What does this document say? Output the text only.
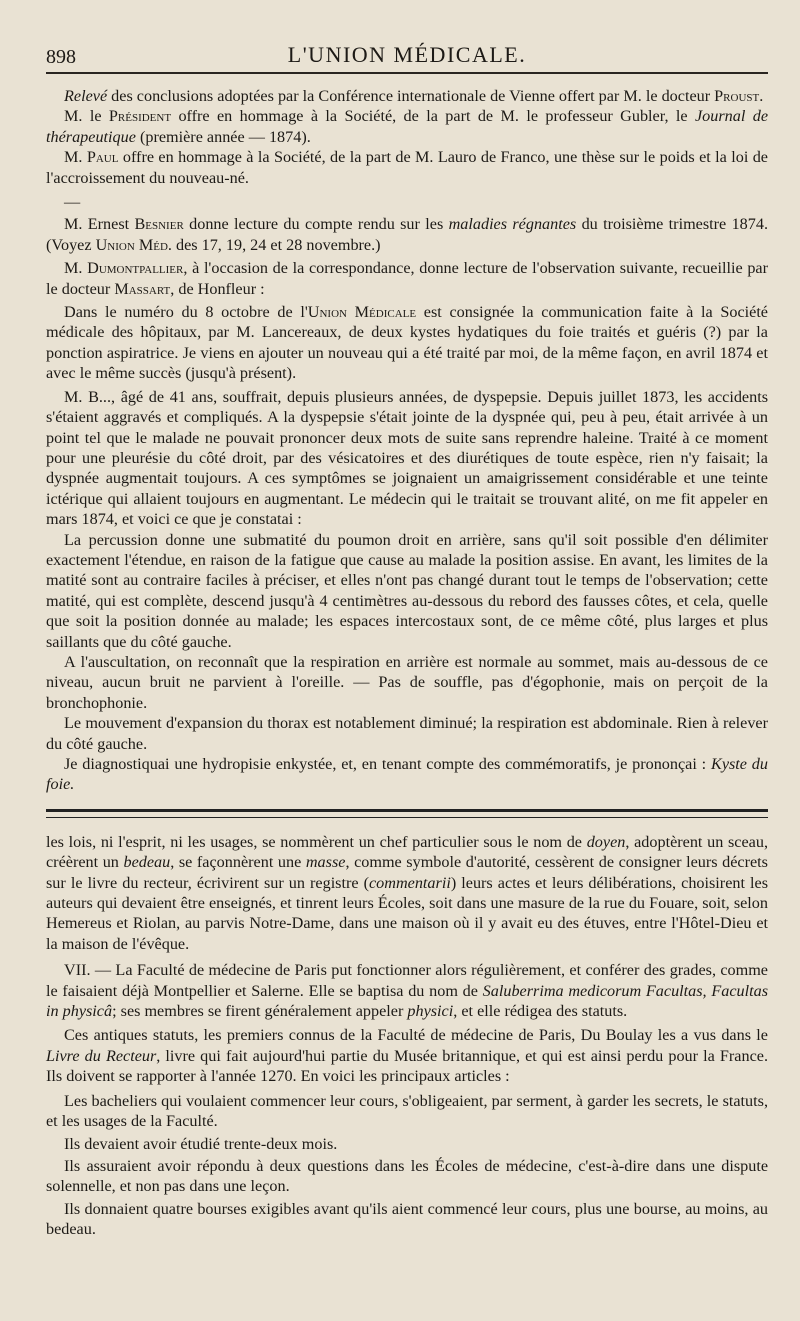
898	L'UNION MÉDICALE.

Relevé des conclusions adoptées par la Conférence internationale de Vienne offert par M. le docteur Proust.

M. le Président offre en hommage à la Société, de la part de M. le professeur Gubler, le Journal de thérapeutique (première année — 1874).

M. Paul offre en hommage à la Société, de la part de M. Lauro de Franco, une thèse sur le poids et la loi de l'accroissement du nouveau-né.

—

M. Ernest Besnier donne lecture du compte rendu sur les maladies régnantes du troisième trimestre 1874. (Voyez Union Méd. des 17, 19, 24 et 28 novembre.)

M. Dumontpallier, à l'occasion de la correspondance, donne lecture de l'observation suivante, recueillie par le docteur Massart, de Honfleur :

Dans le numéro du 8 octobre de l'Union Médicale est consignée la communication faite à la Société médicale des hôpitaux, par M. Lancereaux, de deux kystes hydatiques du foie traités et guéris (?) par la ponction aspiratrice. Je viens en ajouter un nouveau qui a été traité par moi, de la même façon, en avril 1874 et avec le même succès (jusqu'à présent).

M. B..., âgé de 41 ans, souffrait, depuis plusieurs années, de dyspepsie. Depuis juillet 1873, les accidents s'étaient aggravés et compliqués. A la dyspepsie s'était jointe de la dyspnée qui, peu à peu, était arrivée à un point tel que le malade ne pouvait prononcer deux mots de suite sans reprendre haleine. Traité à ce moment pour une pleurésie du côté droit, par des vésicatoires et des diurétiques de toute espèce, rien n'y faisait; la dyspnée augmentait toujours. A ces symptômes se joignaient un amaigrissement considérable et une teinte ictérique qui allaient toujours en augmentant. Le médecin qui le traitait se trouvant alité, on me fit appeler en mars 1874, et voici ce que je constatai :

La percussion donne une submatité du poumon droit en arrière, sans qu'il soit possible d'en délimiter exactement l'étendue, en raison de la fatigue que cause au malade la position assise. En avant, les limites de la matité sont au contraire faciles à préciser, et elles n'ont pas changé durant tout le temps de l'observation; cette matité, qui est complète, descend jusqu'à 4 centimètres au-dessous du rebord des fausses côtes, et cela, quelle que soit la position donnée au malade; les espaces intercostaux sont, de ce même côté, plus larges et plus saillants que du côté gauche.

A l'auscultation, on reconnaît que la respiration en arrière est normale au sommet, mais au-dessous de ce niveau, aucun bruit ne parvient à l'oreille. — Pas de souffle, pas d'égophonie, mais on perçoit de la bronchophonie.

Le mouvement d'expansion du thorax est notablement diminué; la respiration est abdominale. Rien à relever du côté gauche.

Je diagnostiquai une hydropisie enkystée, et, en tenant compte des commémoratifs, je prononçai : Kyste du foie.

les lois, ni l'esprit, ni les usages, se nommèrent un chef particulier sous le nom de doyen, adoptèrent un sceau, créèrent un bedeau, se façonnèrent une masse, comme symbole d'autorité, cessèrent de consigner leurs décrets sur le livre du recteur, écrivirent sur un registre (commentarii) leurs actes et leurs délibérations, choisirent les auteurs qui devaient être enseignés, et tinrent leurs Écoles, soit dans une masure de la rue du Fouare, soit, selon Hemereus et Riolan, au parvis Notre-Dame, dans une maison où il y avait eu des étuves, entre l'Hôtel-Dieu et la maison de l'évêque.

VII. — La Faculté de médecine de Paris put fonctionner alors régulièrement, et conférer des grades, comme le faisaient déjà Montpellier et Salerne. Elle se baptisa du nom de Saluberrima medicorum Facultas, Facultas in physicâ; ses membres se firent généralement appeler physici, et elle rédigea des statuts.

Ces antiques statuts, les premiers connus de la Faculté de médecine de Paris, Du Boulay les a vus dans le Livre du Recteur, livre qui fait aujourd'hui partie du Musée britannique, et qui est ainsi perdu pour la France. Ils doivent se rapporter à l'année 1270. En voici les principaux articles :

Les bacheliers qui voulaient commencer leur cours, s'obligeaient, par serment, à garder les secrets, le statuts, et les usages de la Faculté.

Ils devaient avoir étudié trente-deux mois.

Ils assuraient avoir répondu à deux questions dans les Écoles de médecine, c'est-à-dire dans une dispute solennelle, et non pas dans une leçon.

Ils donnaient quatre bourses exigibles avant qu'ils aient commencé leur cours, plus une bourse, au moins, au bedeau.
